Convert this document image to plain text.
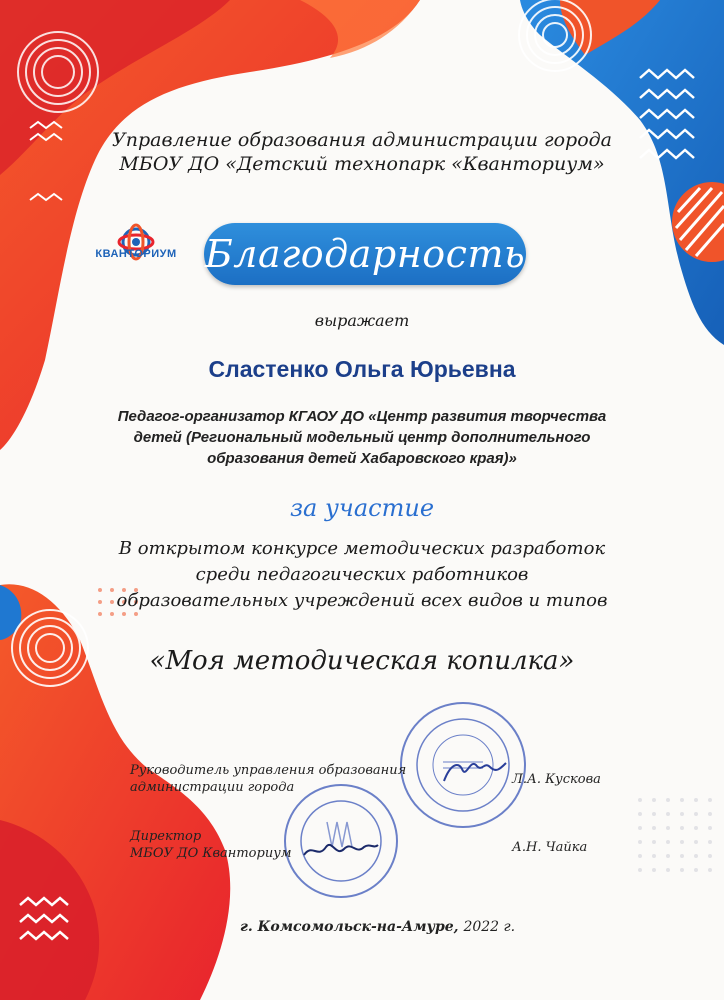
Управление образования администрации города
МБОУ ДО «Детский технопарк «Кванториум»
КВАНТОРИУМ Благодарность
выражает
Сластенко Ольга Юрьевна
Педагог-организатор КГАОУ ДО «Центр развития творчества
детей (Региональный модельный центр дополнительного
образования детей Хабаровского края)»
за участие
В открытом конкурсе методических разработок
среди педагогических работников
образовательных учреждений всех видов и типов
«Моя методическая копилка»
Руководитель управления образования
администрации города
Л.А. Кускова
Директор
МБОУ ДО Кванториум	А.Н. Чайка
г. Комсомольск-на-Амуре, 2022 г.
